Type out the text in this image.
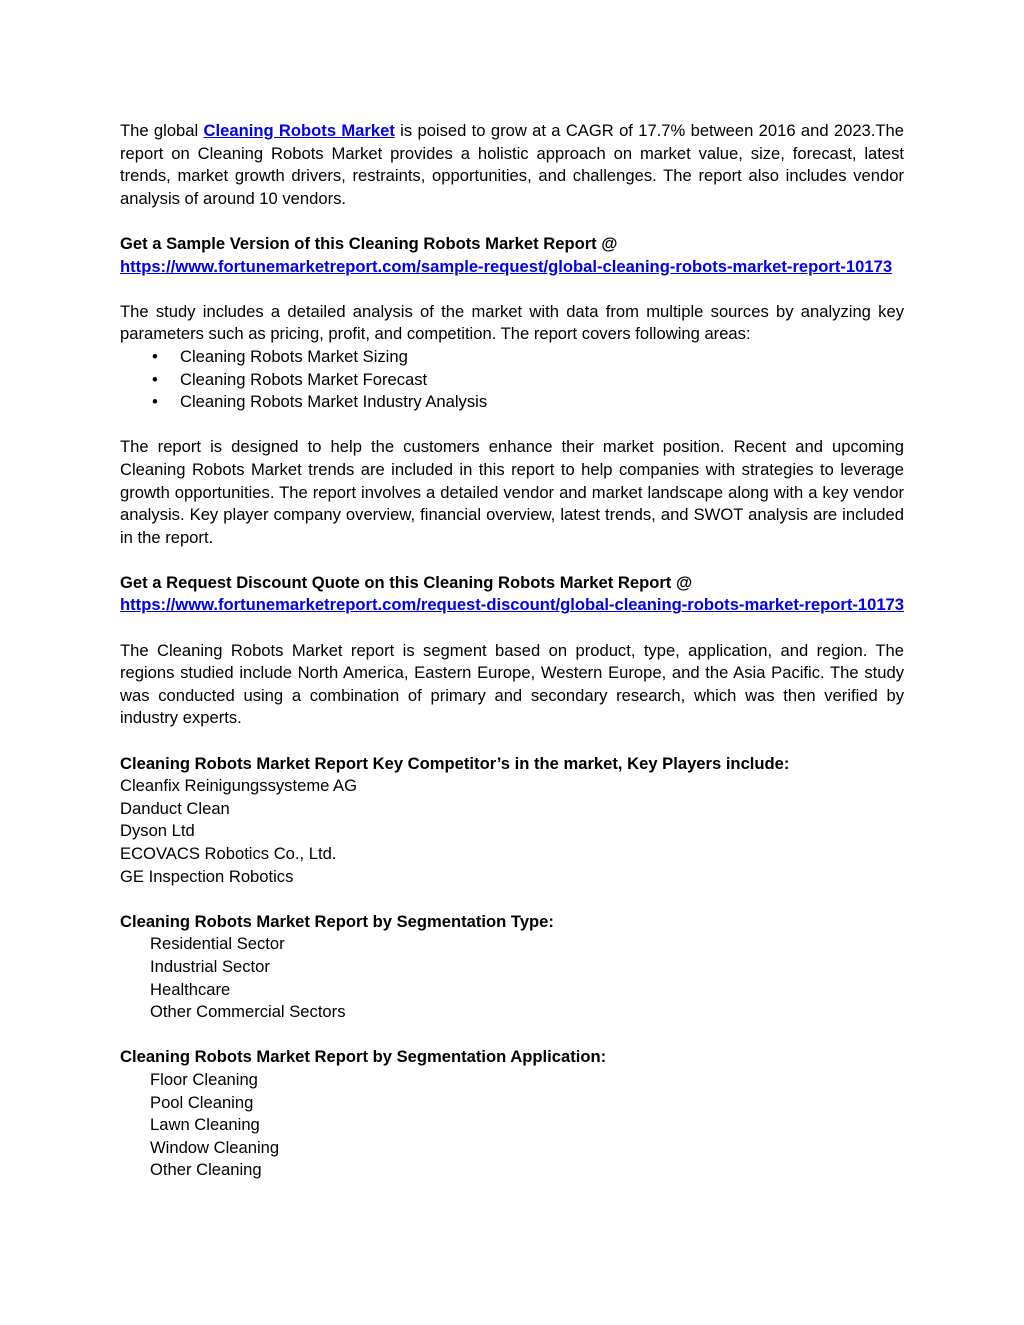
The global Cleaning Robots Market is poised to grow at a CAGR of 17.7% between 2016 and 2023.The report on Cleaning Robots Market provides a holistic approach on market value, size, forecast, latest trends, market growth drivers, restraints, opportunities, and challenges. The report also includes vendor analysis of around 10 vendors.

Get a Sample Version of this Cleaning Robots Market Report @

https://www.fortunemarketreport.com/sample-request/global-cleaning-robots-market-report-10173

The study includes a detailed analysis of the market with data from multiple sources by analyzing key parameters such as pricing, profit, and competition. The report covers following areas:

• Cleaning Robots Market Sizing
• Cleaning Robots Market Forecast
• Cleaning Robots Market Industry Analysis

The report is designed to help the customers enhance their market position. Recent and upcoming Cleaning Robots Market trends are included in this report to help companies with strategies to leverage growth opportunities. The report involves a detailed vendor and market landscape along with a key vendor analysis. Key player company overview, financial overview, latest trends, and SWOT analysis are included in the report.

Get a Request Discount Quote on this Cleaning Robots Market Report @

https://www.fortunemarketreport.com/request-discount/global-cleaning-robots-market-report-10173

The Cleaning Robots Market report is segment based on product, type, application, and region. The regions studied include North America, Eastern Europe, Western Europe, and the Asia Pacific. The study was conducted using a combination of primary and secondary research, which was then verified by industry experts.

Cleaning Robots Market Report Key Competitor’s in the market, Key Players include:

Cleanfix Reinigungssysteme AG
Danduct Clean
Dyson Ltd
ECOVACS Robotics Co., Ltd.
GE Inspection Robotics

Cleaning Robots Market Report by Segmentation Type:

Residential Sector
Industrial Sector
Healthcare
Other Commercial Sectors

Cleaning Robots Market Report by Segmentation Application:

Floor Cleaning
Pool Cleaning
Lawn Cleaning
Window Cleaning
Other Cleaning
